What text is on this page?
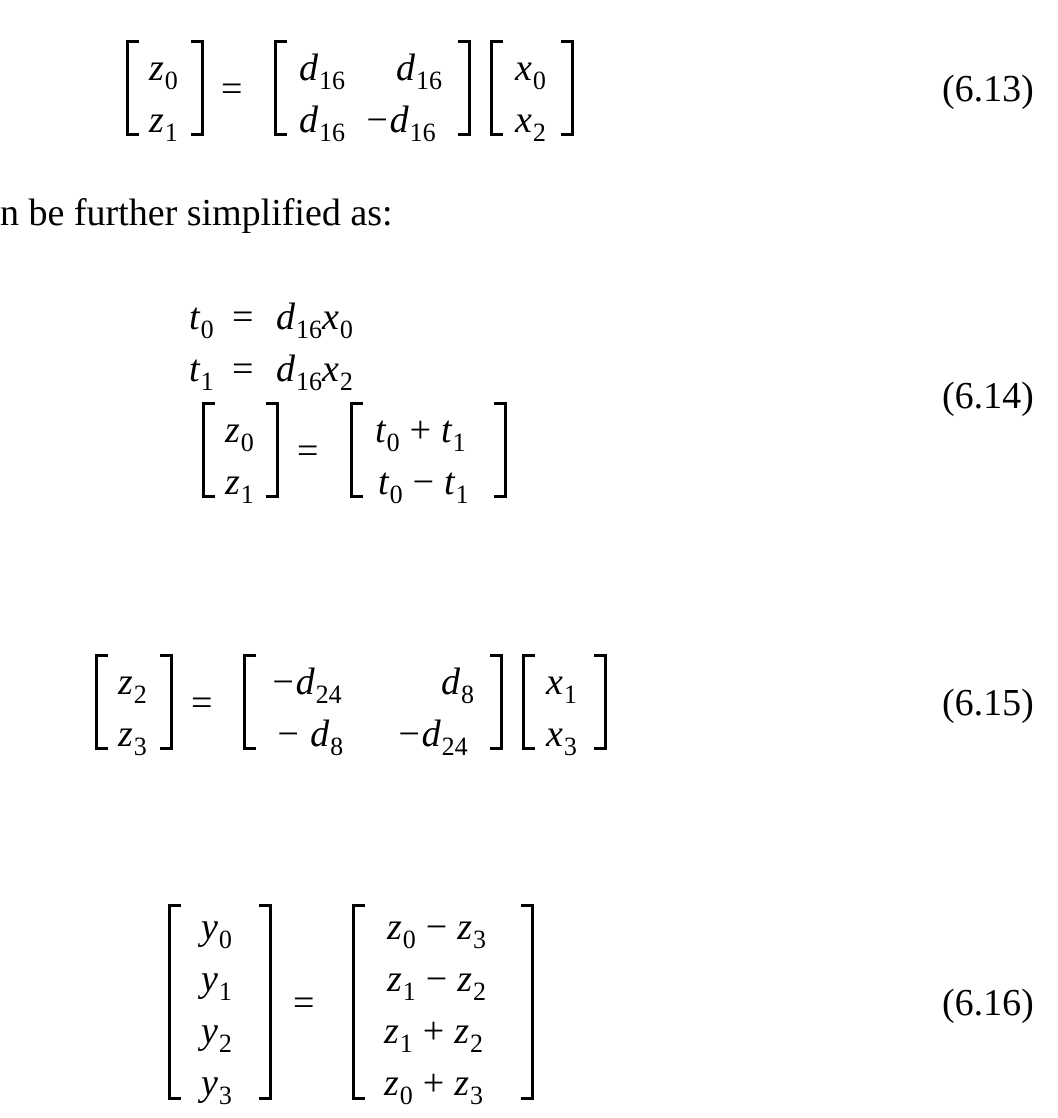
$z_0$
$z_1$
= $d_{16}$ $d_{16}$
$d_{16} -d_{16}$
$x_0$
$x_2$
(6.13)
n be further simplified as:
$t_0 = d_{16}x_0$
$t_1 = d_{16}x_2$
$z_0$
$z_1$
= $t_0 + t_1$
$t_0 - t_1$
(6.14)
$z_2$
$z_3$
= $-d_{24}$	$d_8$
− $d_8 -d_{24}$
$x_1$
$x_3$
(6.15)
$y_0$
$y_1$
$y_2$
$y_3$
=
$z_0 - z_3$
$z_1 - z_2$
$z_1 + z_2$
$z_0 + z_3$
(6.16)
